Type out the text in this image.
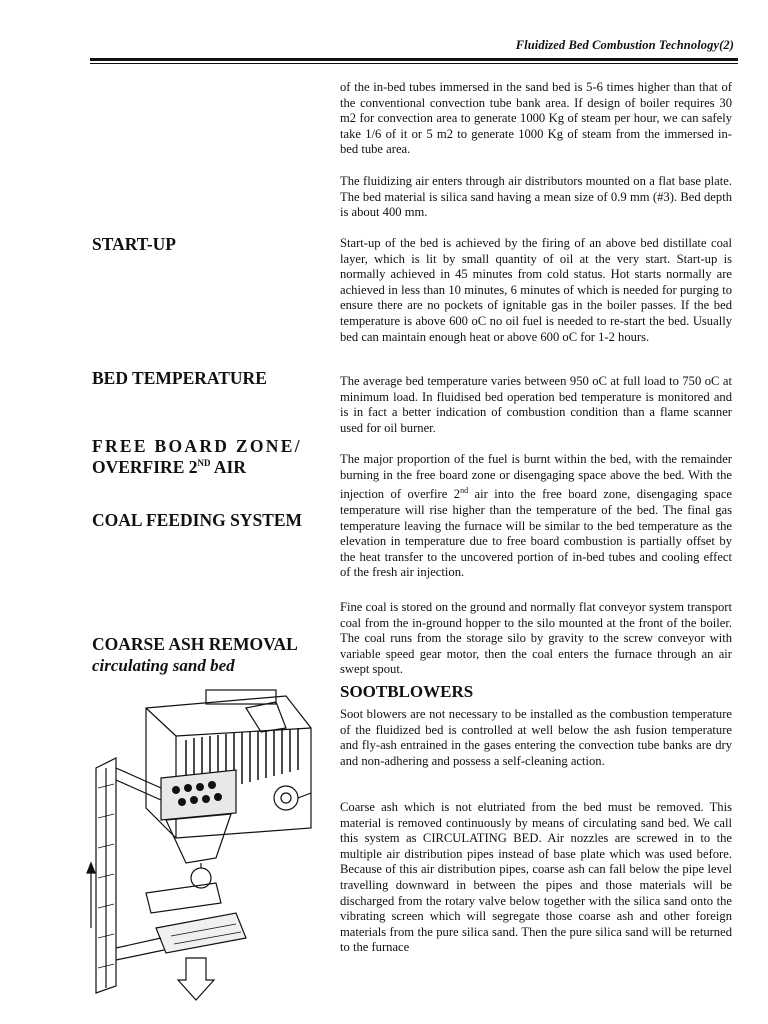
Fluidized Bed Combustion Technology(2)
START-UP
BED TEMPERATURE
FREE BOARD ZONE/
OVERFIRE 2ND AIR
COAL FEEDING SYSTEM
COARSE ASH REMOVAL
circulating sand bed

of the in-bed tubes immersed in the sand bed is 5-6 times higher than that of the conventional convection tube bank area. If design of boiler requires 30 m2 for convection area to generate 1000 Kg of steam per hour, we can safely take 1/6 of it or 5 m2 to generate 1000 Kg of steam from the immersed in-bed tube area.

The fluidizing air enters through air distributors mounted on a flat base plate. The bed material is silica sand having a mean size of 0.9 mm (#3). Bed depth is about 400 mm.

Start-up of the bed is achieved by the firing of an above bed distillate coal layer, which is lit by small quantity of oil at the very start. Start-up is normally achieved in 45 minutes from cold status. Hot starts normally are achieved in less than 10 minutes, 6 minutes of which is needed for purging to ensure there are no pockets of ignitable gas in the boiler passes. If the bed temperature is above 600 oC no oil fuel is needed to re-start the bed. Usually bed can maintain enough heat or above 600 oC for 1-2 hours.

The average bed temperature varies between 950 oC at full load to 750 oC at minimum load. In fluidised bed operation bed temperature is monitored and is in fact a better indication of combustion condition than a flame scanner used for oil burner.

The major proportion of the fuel is burnt within the bed, with the remainder burning in the free board zone or disengaging space above the bed. With the injection of overfire 2nd air into the free board zone, disengaging space temperature will rise higher than the temperature of the bed. The final gas temperature leaving the furnace will be similar to the bed temperature as the elevation in temperature due to free board combustion is partially offset by the heat transfer to the uncovered portion of in-bed tubes and cooling effect of the fresh air injection.

Fine coal is stored on the ground and normally flat conveyor system transport coal from the in-ground hopper to the silo mounted at the front of the boiler. The coal runs from the storage silo by gravity to the screw conveyor with variable speed gear motor, then the coal enters the furnace through an air swept spout.

SOOTBLOWERS

Soot blowers are not necessary to be installed as the combustion temperature of the fluidized bed is controlled at well below the ash fusion temperature and fly-ash entrained in the gases entering the convection tube banks are dry and non-adhering and possess a self-cleaning action.

Coarse ash which is not elutriated from the bed must be removed. This material is removed continuously by means of circulating sand bed. We call this system as CIRCULATING BED. Air nozzles are screwed in to the multiple air distribution pipes instead of base plate which was used before. Because of this air distribution pipes, coarse ash can fall below the pipe level travelling downward in between the pipes and those materials will be discharged from the rotary valve below together with the silica sand onto the vibrating screen which will segregate those coarse ash and other foreign materials from the pure silica sand. Then the pure silica sand will be returned to the furnace
